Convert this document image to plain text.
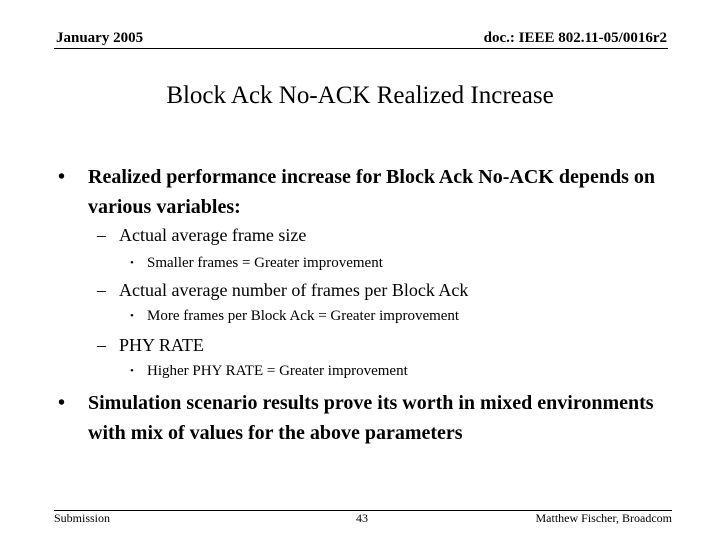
January 2005	doc.: IEEE 802.11-05/0016r2
Block Ack No-ACK Realized Increase
•	Realized performance increase for Block Ack No-ACK depends on various variables:
– Actual average frame size
• Smaller frames = Greater improvement
– Actual average number of frames per Block Ack
• More frames per Block Ack = Greater improvement
– PHY RATE
• Higher PHY RATE = Greater improvement
•	Simulation scenario results prove its worth in mixed environments with mix of values for the above parameters
Submission	43	Matthew Fischer, Broadcom
